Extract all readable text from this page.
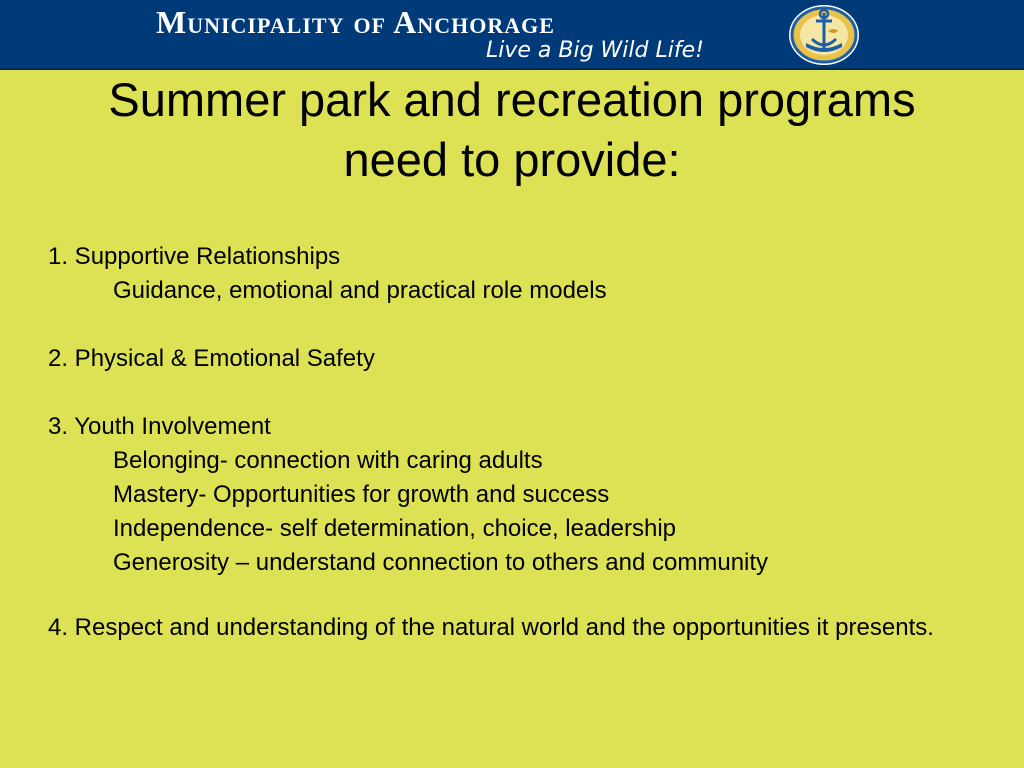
Municipality of Anchorage
Live a Big Wild Life!
Summer park and recreation programs need to provide:

1. Supportive Relationships

Guidance, emotional and practical role models

2. Physical & Emotional Safety

3. Youth Involvement

Belonging- connection with caring adults

Mastery- Opportunities for growth and success

Independence- self determination, choice, leadership

Generosity – understand connection to others and community

4. Respect and understanding of the natural world and the opportunities it presents.
